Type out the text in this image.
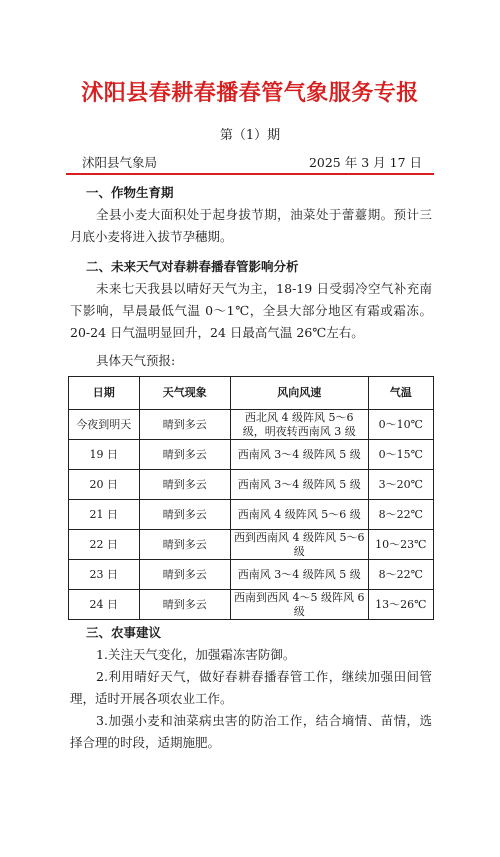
沭阳县春耕春播春管气象服务专报
第（1）期
沭阳县气象局	2025 年 3 月 17 日
一、作物生育期

全县小麦大面积处于起身拔节期，油菜处于蕾薹期。预计三月底小麦将进入拔节孕穗期。

二、未来天气对春耕春播春管影响分析

未来七天我县以晴好天气为主，18-19 日受弱冷空气补充南下影响，早晨最低气温 0～1℃，全县大部分地区有霜或霜冻。20-24 日气温明显回升，24 日最高气温 26℃左右。

具体天气预报:

日期	天气现象	风向风速	气温
今夜到明天	晴到多云	西北风 4 级阵风 5～6 级，明夜转西南风 3 级	0～10℃
19 日	晴到多云	西南风 3～4 级阵风 5 级	0～15℃
20 日	晴到多云	西南风 3～4 级阵风 5 级	3～20℃
21 日	晴到多云	西南风 4 级阵风 5～6 级	8～22℃
22 日	晴到多云	西到西南风 4 级阵风 5～6 级	10～23℃
23 日	晴到多云	西南风 3～4 级阵风 5 级	8～22℃
24 日	晴到多云	西南到西风 4～5 级阵风 6 级	13～26℃
三、农事建议

1.关注天气变化，加强霜冻害防御。

2.利用晴好天气，做好春耕春播春管工作，继续加强田间管理，适时开展各项农业工作。

3.加强小麦和油菜病虫害的防治工作，结合墒情、苗情，选择合理的时段，适期施肥。
